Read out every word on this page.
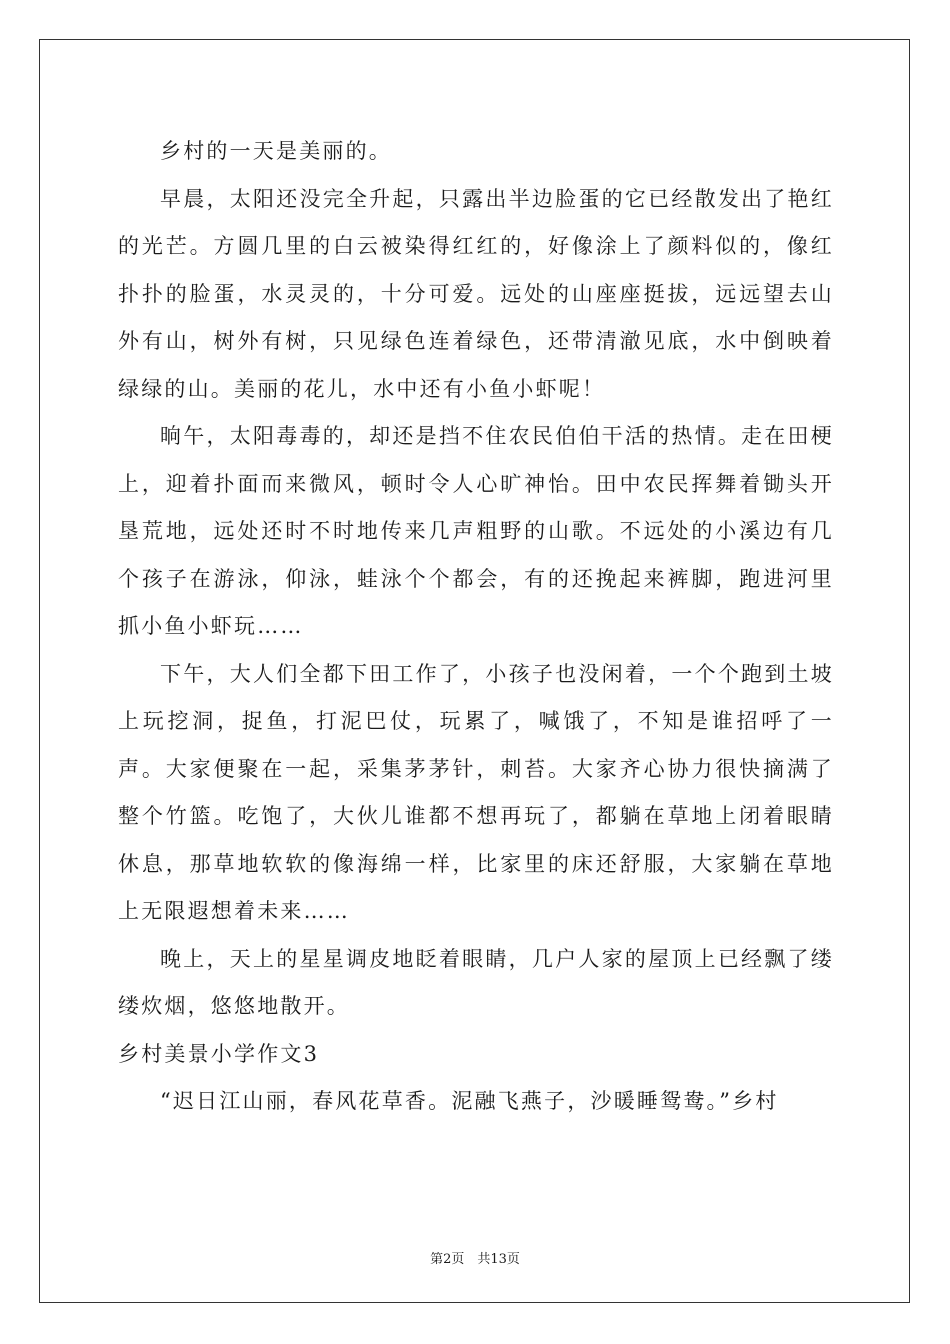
乡村的一天是美丽的。

早晨，太阳还没完全升起，只露出半边脸蛋的它已经散发出了艳红的光芒。方圆几里的白云被染得红红的，好像涂上了颜料似的，像红扑扑的脸蛋，水灵灵的，十分可爱。远处的山座座挺拔，远远望去山外有山，树外有树，只见绿色连着绿色，还带清澈见底，水中倒映着绿绿的山。美丽的花儿，水中还有小鱼小虾呢！

晌午，太阳毒毒的，却还是挡不住农民伯伯干活的热情。走在田梗上，迎着扑面而来微风，顿时令人心旷神怡。田中农民挥舞着锄头开垦荒地，远处还时不时地传来几声粗野的山歌。不远处的小溪边有几个孩子在游泳，仰泳，蛙泳个个都会，有的还挽起来裤脚，跑进河里抓小鱼小虾玩……

下午，大人们全都下田工作了，小孩子也没闲着，一个个跑到土坡上玩挖洞，捉鱼，打泥巴仗，玩累了，喊饿了，不知是谁招呼了一声。大家便聚在一起，采集茅茅针，刺苔。大家齐心协力很快摘满了整个竹篮。吃饱了，大伙儿谁都不想再玩了，都躺在草地上闭着眼睛休息，那草地软软的像海绵一样，比家里的床还舒服，大家躺在草地上无限遐想着未来……

晚上，天上的星星调皮地眨着眼睛，几户人家的屋顶上已经飘了缕缕炊烟，悠悠地散开。

乡村美景小学作文3

“迟日江山丽，春风花草香。泥融飞燕子，沙暖睡鸳鸯。”乡村

第2页　共13页
